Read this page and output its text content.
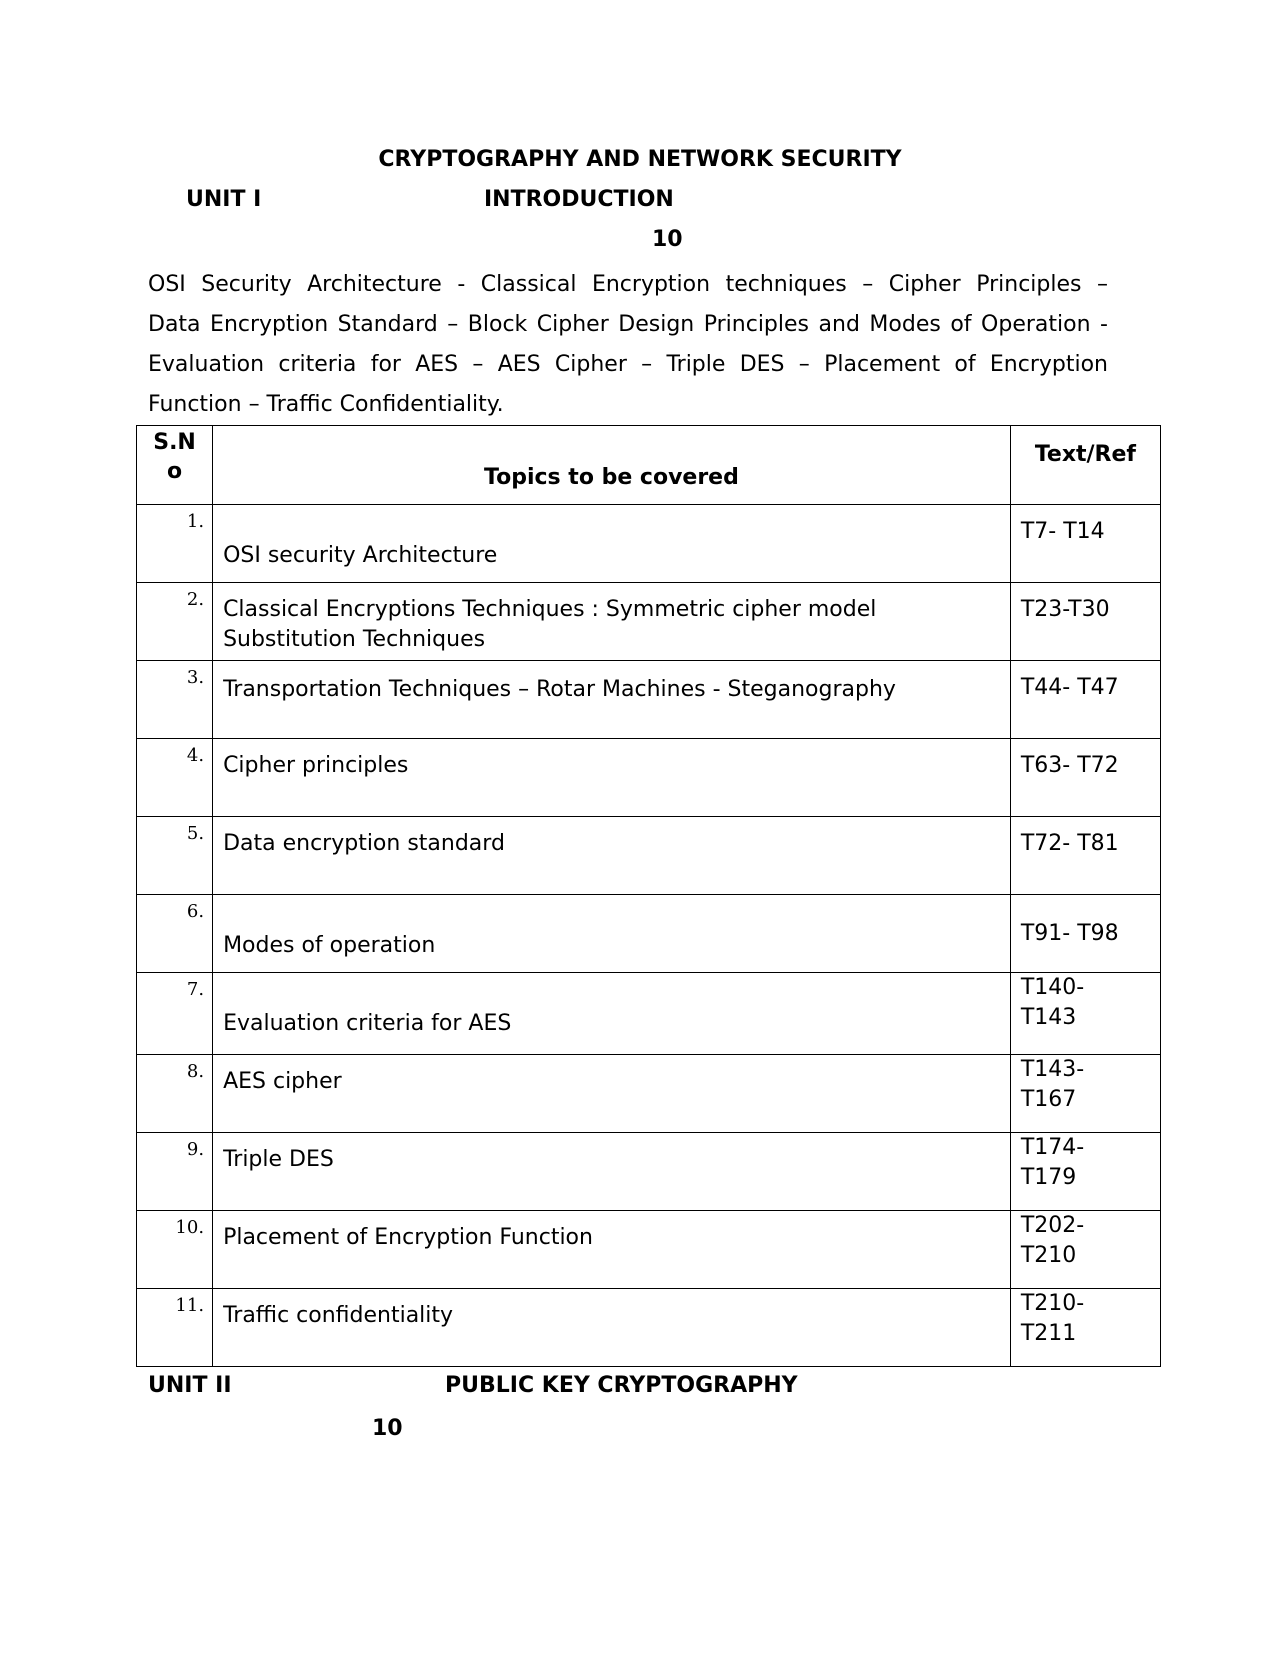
CRYPTOGRAPHY AND NETWORK SECURITY
UNIT I	INTRODUCTION
10
OSI Security Architecture - Classical Encryption techniques – Cipher Principles –
Data Encryption Standard – Block Cipher Design Principles and Modes of Operation -
Evaluation criteria for AES – AES Cipher – Triple DES – Placement of Encryption
Function – Traffic Confidentiality.
S.N
o	Topics to be covered	Text/Ref

1.	OSI security Architecture	T7- T14

2.	Classical Encryptions Techniques : Symmetric cipher model
Substitution Techniques	T23-T30

3.	Transportation Techniques – Rotar Machines - Steganography	T44- T47

4.	Cipher principles	T63- T72

5.	Data encryption standard	T72- T81

6.	Modes of operation	T91- T98

7.	Evaluation criteria for AES	T140-
T143

8.	AES cipher	T143-
T167

9.	Triple DES	T174-
T179

10.	Placement of Encryption Function	T202-
T210

11.	Traffic confidentiality	T210-
T211
UNIT II	PUBLIC KEY CRYPTOGRAPHY
10
